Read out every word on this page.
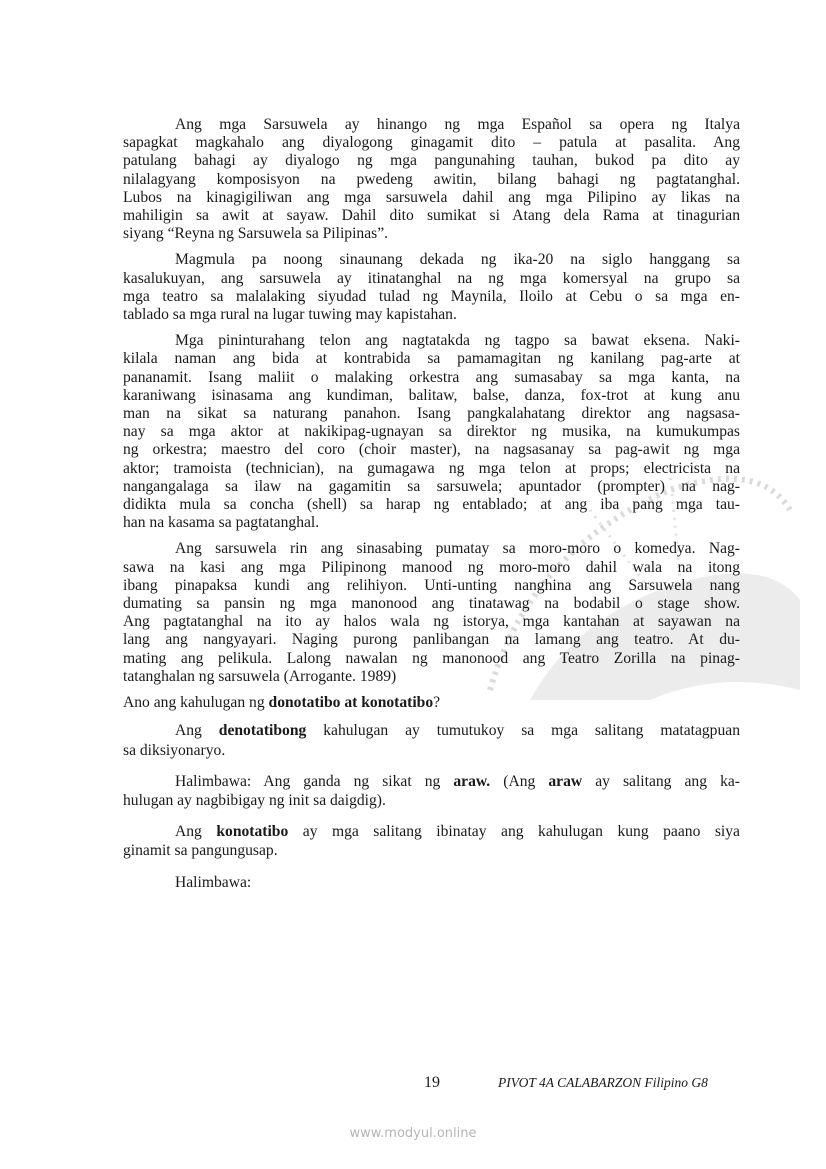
Ang mga Sarsuwela ay hinango ng mga Español sa opera ng Italya
sapagkat magkahalo ang diyalogong ginagamit dito – patula at pasalita. Ang
patulang bahagi ay diyalogo ng mga pangunahing tauhan, bukod pa dito ay
nilalagyang komposisyon na pwedeng awitin, bilang bahagi ng pagtatanghal.
Lubos na kinagigiliwan ang mga sarsuwela dahil ang mga Pilipino ay likas na
mahiligin sa awit at sayaw. Dahil dito sumikat si Atang dela Rama at tinagurian
siyang “Reyna ng Sarsuwela sa Pilipinas”.
Magmula pa noong sinaunang dekada ng ika-20 na siglo hanggang sa
kasalukuyan, ang sarsuwela ay itinatanghal na ng mga komersyal na grupo sa
mga teatro sa malalaking siyudad tulad ng Maynila, Iloilo at Cebu o sa mga en-
tablado sa mga rural na lugar tuwing may kapistahan.
Mga pininturahang telon ang nagtatakda ng tagpo sa bawat eksena. Naki-
kilala naman ang bida at kontrabida sa pamamagitan ng kanilang pag-arte at
pananamit. Isang maliit o malaking orkestra ang sumasabay sa mga kanta, na
karaniwang isinasama ang kundiman, balitaw, balse, danza, fox-trot at kung anu
man na sikat sa naturang panahon. Isang pangkalahatang direktor ang nagsasa-
nay sa mga aktor at nakikipag-ugnayan sa direktor ng musika, na kumukumpas
ng orkestra; maestro del coro (choir master), na nagsasanay sa pag-awit ng mga
aktor; tramoista (technician), na gumagawa ng mga telon at props; electricista na
nangangalaga sa ilaw na gagamitin sa sarsuwela; apuntador (prompter) na nag-
didikta mula sa concha (shell) sa harap ng entablado; at ang iba pang mga tau-
han na kasama sa pagtatanghal.
Ang sarsuwela rin ang sinasabing pumatay sa moro-moro o komedya. Nag-
sawa na kasi ang mga Pilipinong manood ng moro-moro dahil wala na itong
ibang pinapaksa kundi ang relihiyon. Unti-unting nanghina ang Sarsuwela nang
dumating sa pansin ng mga manonood ang tinatawag na bodabil o stage show.
Ang pagtatanghal na ito ay halos wala ng istorya, mga kantahan at sayawan na
lang ang nangyayari. Naging purong panlibangan na lamang ang teatro. At du-
mating ang pelikula. Lalong nawalan ng manonood ang Teatro Zorilla na pinag-
tatanghalan ng sarsuwela (Arrogante. 1989)
Ano ang kahulugan ng donotatibo at konotatibo?
Ang denotatibong kahulugan ay tumutukoy sa mga salitang matatagpuan
sa diksiyonaryo.
Halimbawa: Ang ganda ng sikat ng araw. (Ang araw ay salitang ang ka-
hulugan ay nagbibigay ng init sa daigdig).
Ang konotatibo ay mga salitang ibinatay ang kahulugan kung paano siya
ginamit sa pangungusap.
Halimbawa:
19	PIVOT 4A CALABARZON Filipino G8
www.modyul.online
